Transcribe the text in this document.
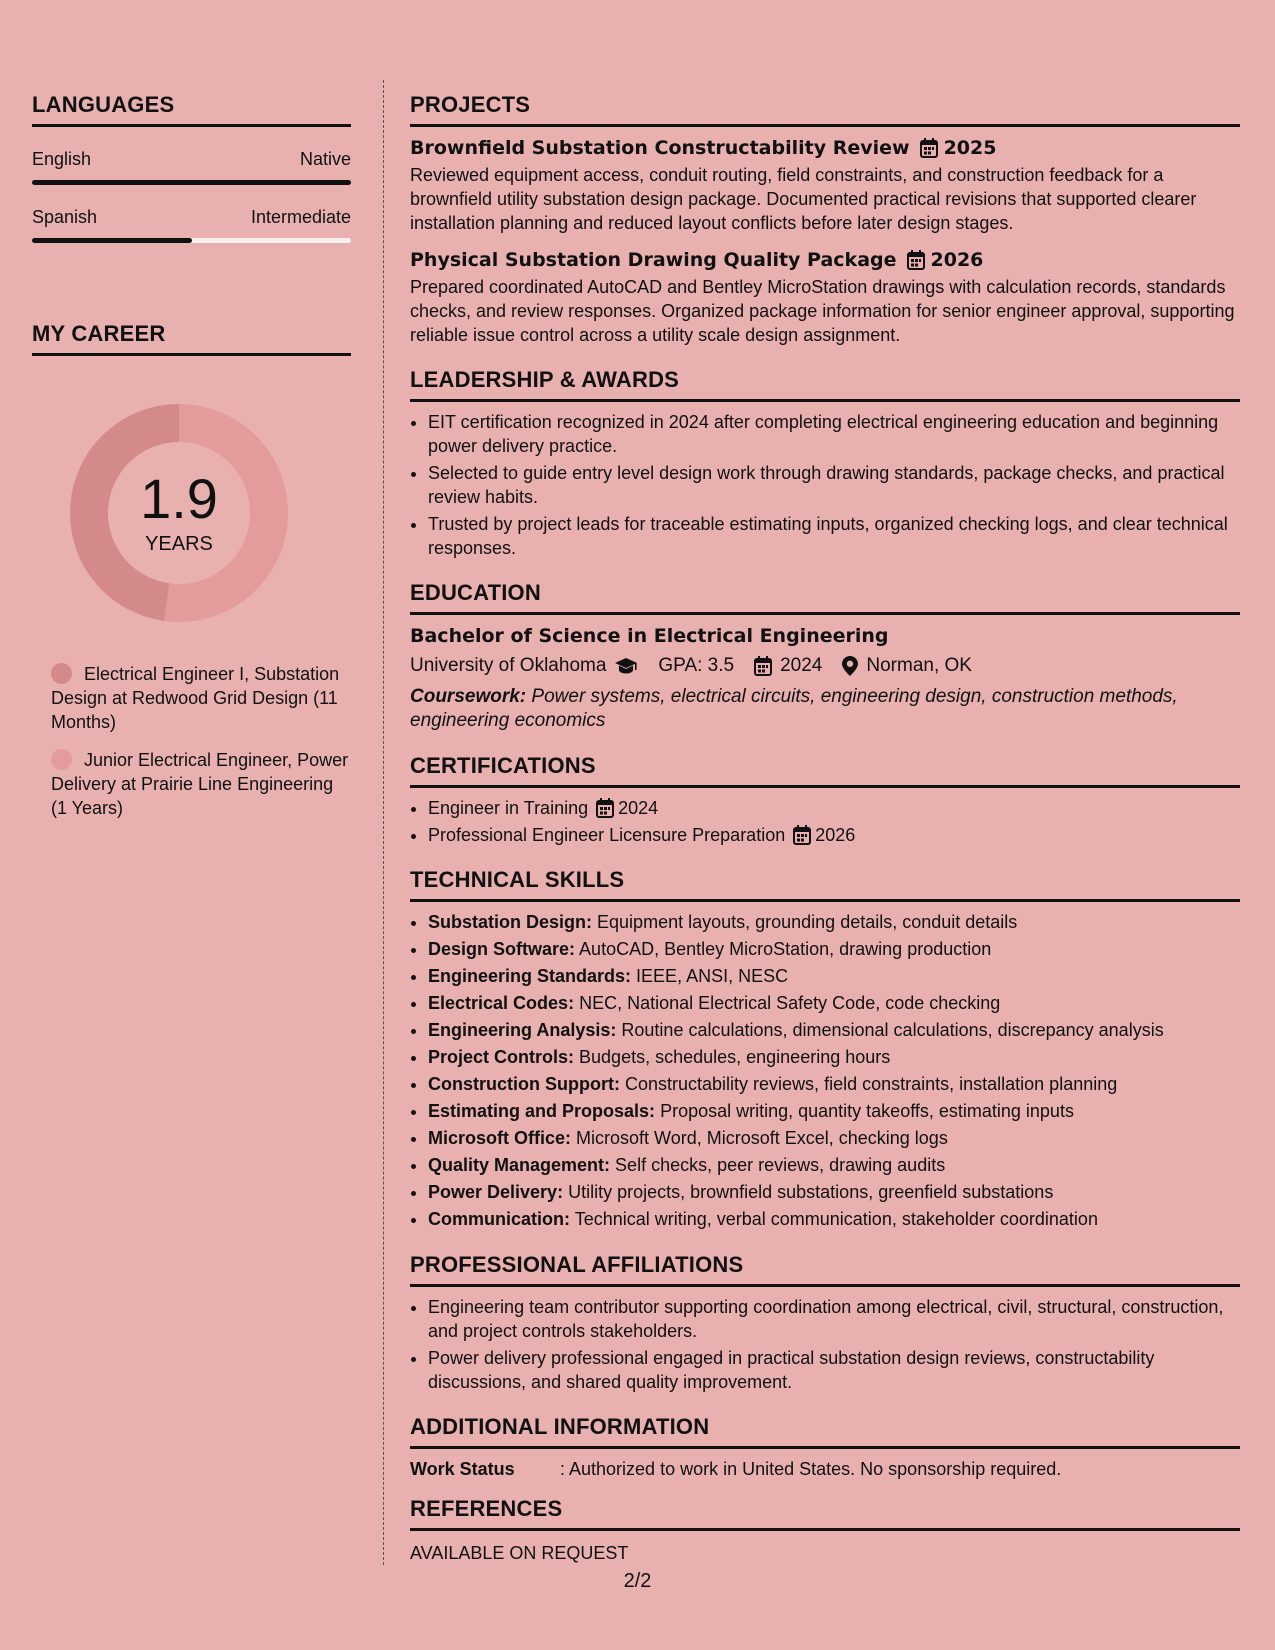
LANGUAGES
English	Native
Spanish	Intermediate
MY CAREER
1.9
YEARS
Electrical Engineer I, Substation Design at Redwood Grid Design (11 Months)
Junior Electrical Engineer, Power Delivery at Prairie Line Engineering (1 Years)
PROJECTS
Brownfield Substation Constructability Review 2025
Reviewed equipment access, conduit routing, field constraints, and construction feedback for a brownfield utility substation design package. Documented practical revisions that supported clearer installation planning and reduced layout conflicts before later design stages.
Physical Substation Drawing Quality Package 2026
Prepared coordinated AutoCAD and Bentley MicroStation drawings with calculation records, standards checks, and review responses. Organized package information for senior engineer approval, supporting reliable issue control across a utility scale design assignment.
LEADERSHIP & AWARDS
• EIT certification recognized in 2024 after completing electrical engineering education and beginning power delivery practice.
• Selected to guide entry level design work through drawing standards, package checks, and practical review habits.
• Trusted by project leads for traceable estimating inputs, organized checking logs, and clear technical responses.
EDUCATION
Bachelor of Science in Electrical Engineering
University of Oklahoma	GPA: 3.5 2024 Norman, OK
Coursework: Power systems, electrical circuits, engineering design, construction methods, engineering economics
CERTIFICATIONS
• Engineer in Training 2024
• Professional Engineer Licensure Preparation 2026
TECHNICAL SKILLS
• Substation Design: Equipment layouts, grounding details, conduit details
• Design Software: AutoCAD, Bentley MicroStation, drawing production
• Engineering Standards: IEEE, ANSI, NESC
• Electrical Codes: NEC, National Electrical Safety Code, code checking
• Engineering Analysis: Routine calculations, dimensional calculations, discrepancy analysis
• Project Controls: Budgets, schedules, engineering hours
• Construction Support: Constructability reviews, field constraints, installation planning
• Estimating and Proposals: Proposal writing, quantity takeoffs, estimating inputs
• Microsoft Office: Microsoft Word, Microsoft Excel, checking logs
• Quality Management: Self checks, peer reviews, drawing audits
• Power Delivery: Utility projects, brownfield substations, greenfield substations
• Communication: Technical writing, verbal communication, stakeholder coordination
PROFESSIONAL AFFILIATIONS
• Engineering team contributor supporting coordination among electrical, civil, structural, construction, and project controls stakeholders.
• Power delivery professional engaged in practical substation design reviews, constructability discussions, and shared quality improvement.
ADDITIONAL INFORMATION
Work Status	: Authorized to work in United States. No sponsorship required.
REFERENCES
AVAILABLE ON REQUEST
2/2
